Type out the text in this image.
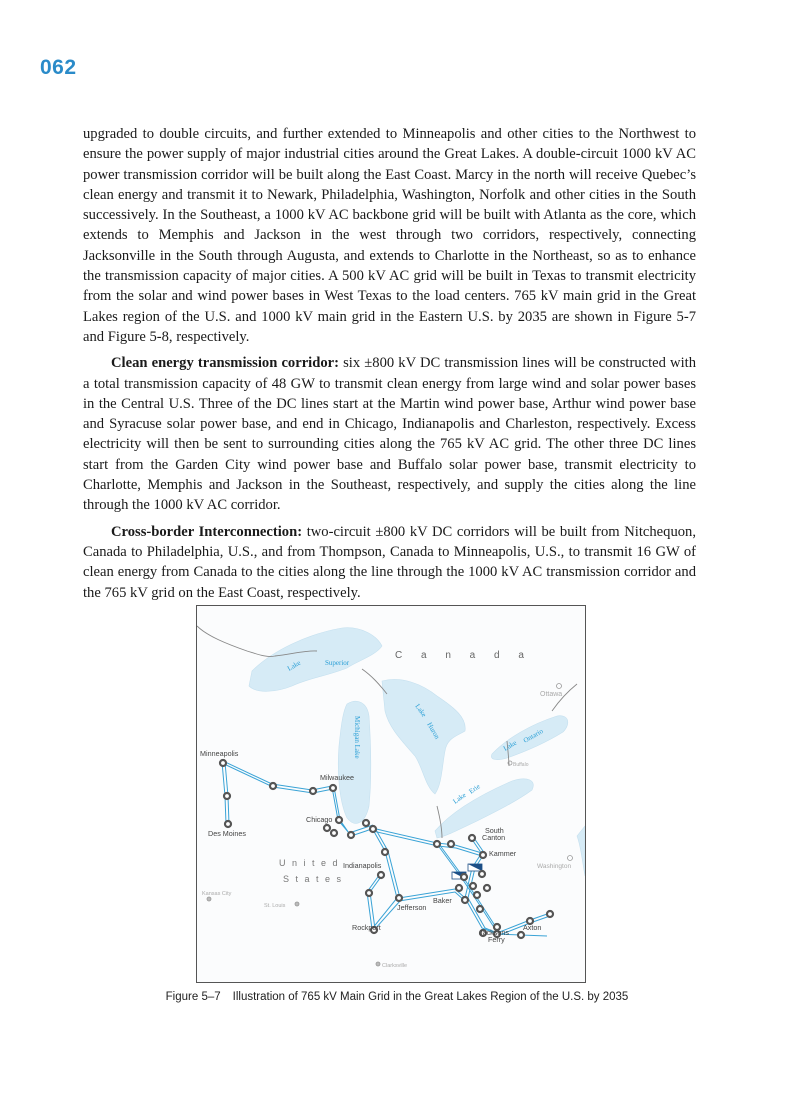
062

upgraded to double circuits, and further extended to Minneapolis and other cities to the Northwest to ensure the power supply of major industrial cities around the Great Lakes. A double-circuit 1000 kV AC power transmission corridor will be built along the East Coast. Marcy in the north will receive Quebec’s clean energy and transmit it to Newark, Philadelphia, Washington, Norfolk and other cities in the South successively. In the Southeast, a 1000 kV AC backbone grid will be built with Atlanta as the core, which extends to Memphis and Jackson in the west through two corridors, respectively, connecting Jacksonville in the South through Augusta, and extends to Charlotte in the Northeast, so as to enhance the transmission capacity of major cities. A 500 kV AC grid will be built in Texas to transmit electricity from the solar and wind power bases in West Texas to the load centers. 765 kV main grid in the Great Lakes region of the U.S. and 1000 kV main grid in the Eastern U.S. by 2035 are shown in Figure 5-7 and Figure 5-8, respectively.

Clean energy transmission corridor: six ±800 kV DC transmission lines will be constructed with a total transmission capacity of 48 GW to transmit clean energy from large wind and solar power bases in the Central U.S. Three of the DC lines start at the Martin wind power base, Arthur wind power base and Syracuse solar power base, and end in Chicago, Indianapolis and Charleston, respectively. Excess electricity will then be sent to surrounding cities along the 765 kV AC grid. The other three DC lines start from the Garden City wind power base and Buffalo solar power base, transmit electricity to Charlotte, Memphis and Jackson in the Southeast, respectively, and supply the cities along the line through the 1000 kV AC corridor.

Cross-border Interconnection: two-circuit ±800 kV DC corridors will be built from Nitchequon, Canada to Philadelphia, U.S., and from Thompson, Canada to Minneapolis, U.S., to transmit 16 GW of clean energy from Canada to the cities along the line through the 1000 kV AC transmission corridor and the 765 kV grid on the East Coast, respectively.

C a n a d a
U n i t e d
S t a t e s
Lake	Superior
Michigan Lake
Lake
Huron
Lake
Erie
Lake
Ontario
Minneapolis
Des Moines
Milwaukee
Chicago
Indianapolis
Rockport
Jefferson
Baker
South
Canton
Kammer
Jacksons
Ferry
Axton
Ottawa
Buffalo
Washington
Kansas City
St. Louis
Clarksville
Figure 5–7 Illustration of 765 kV Main Grid in the Great Lakes Region of the U.S. by 2035
